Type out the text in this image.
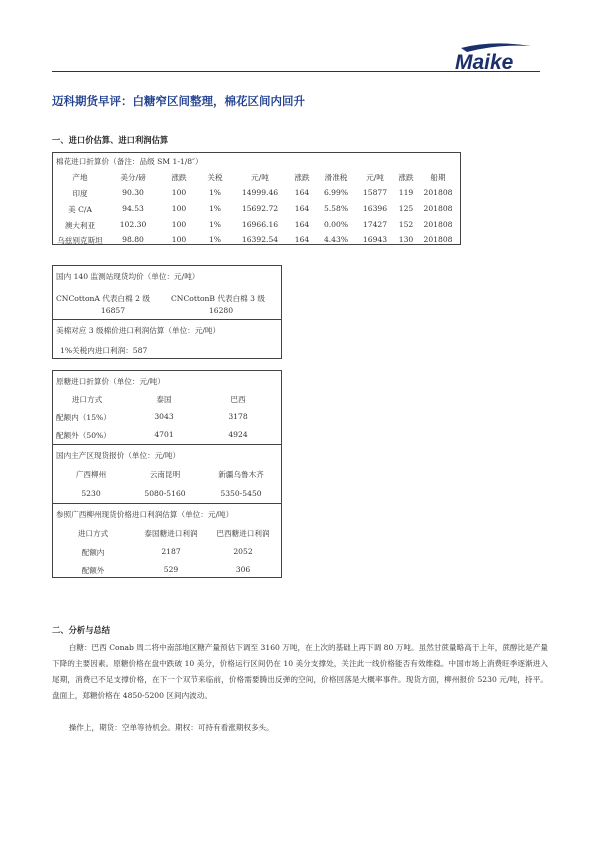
Maike
迈科期货早评：白糖窄区间整理，棉花区间内回升
一、进口价估算、进口利润估算
棉花进口折算价（备注：品级 SM 1-1/8″）
产地	美分/磅	涨跌	关税	元/吨	涨跌 滑准税 元/吨 涨跌 船期
印度	90.30	100	1%	14999.46 164 6.99% 15877 119 201808
美 C/A	94.53	100	1%	15692.72 164 5.58% 16396 125 201808
澳大利亚	102.30	100	1%	16966.16 164 0.00% 17427 152 201808
乌兹别克斯坦	98.80	100	1%	16392.54 164 4.43% 16943 130 201808
国内 140 监测站现货均价（单位：元/吨）
CNCottonA 代表白棉 2 级	CNCottonB 代表白棉 3 级
16857	16280
美棉对应 3 级棉价进口利润估算（单位：元/吨）
1%关税内进口利润：587
原糖进口折算价（单位：元/吨）
进口方式	泰国	巴西
配额内（15%）	3043	3178
配额外（50%）	4701	4924
国内主产区现货报价（单位：元/吨）
广西柳州	云南昆明	新疆乌鲁木齐
5230	5080-5160	5350-5450
参照广西柳州现货价格进口利润估算（单位：元/吨）
进口方式	泰国糖进口利润 巴西糖进口利润
配额内	2187	2052
配额外	529	306
二、分析与总结

白糖：巴西 Conab 周二将中南部地区糖产量预估下调至 3160 万吨，在上次的基础上再下调 80 万吨。虽然甘蔗量略高于上年，蔗醇比是产量下降的主要因素。原糖价格在盘中跌破 10 美分，价格运行区间仍在 10 美分支撑处，关注此一线价格能否有效维稳。中国市场上消费旺季逐渐进入尾期，消费已不足支撑价格，在下一个双节来临前，价格需要腾出反弹的空间，价格回落是大概率事件。现货方面，柳州报价 5230 元/吨，持平。盘面上，郑糖价格在 4850-5200 区间内波动。

操作上，期货：空单等待机会。期权：可持有看涨期权多头。
